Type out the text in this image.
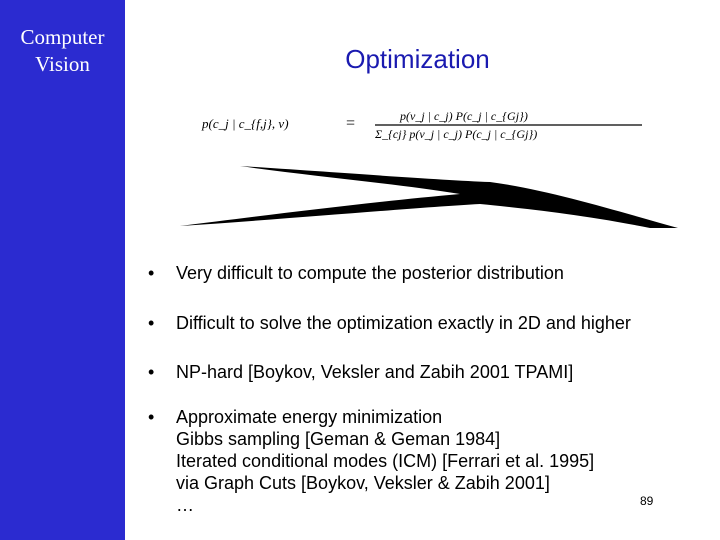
Computer
Vision	Optimization
p(c_j | c_{f,j}, v)	=	p(v_j | c_j) P(c_j | c_{Gj})
Σ_{cj} p(v_j | c_j) P(c_j | c_{Gj})
• Very difficult to compute the posterior distribution
• Difficult to solve the optimization exactly in 2D and higher
• NP-hard [Boykov, Veksler and Zabih 2001 TPAMI]
• Approximate energy minimization
Gibbs sampling [Geman & Geman 1984]
Iterated conditional modes (ICM) [Ferrari et al. 1995]
via Graph Cuts [Boykov, Veksler & Zabih 2001]
…	89
